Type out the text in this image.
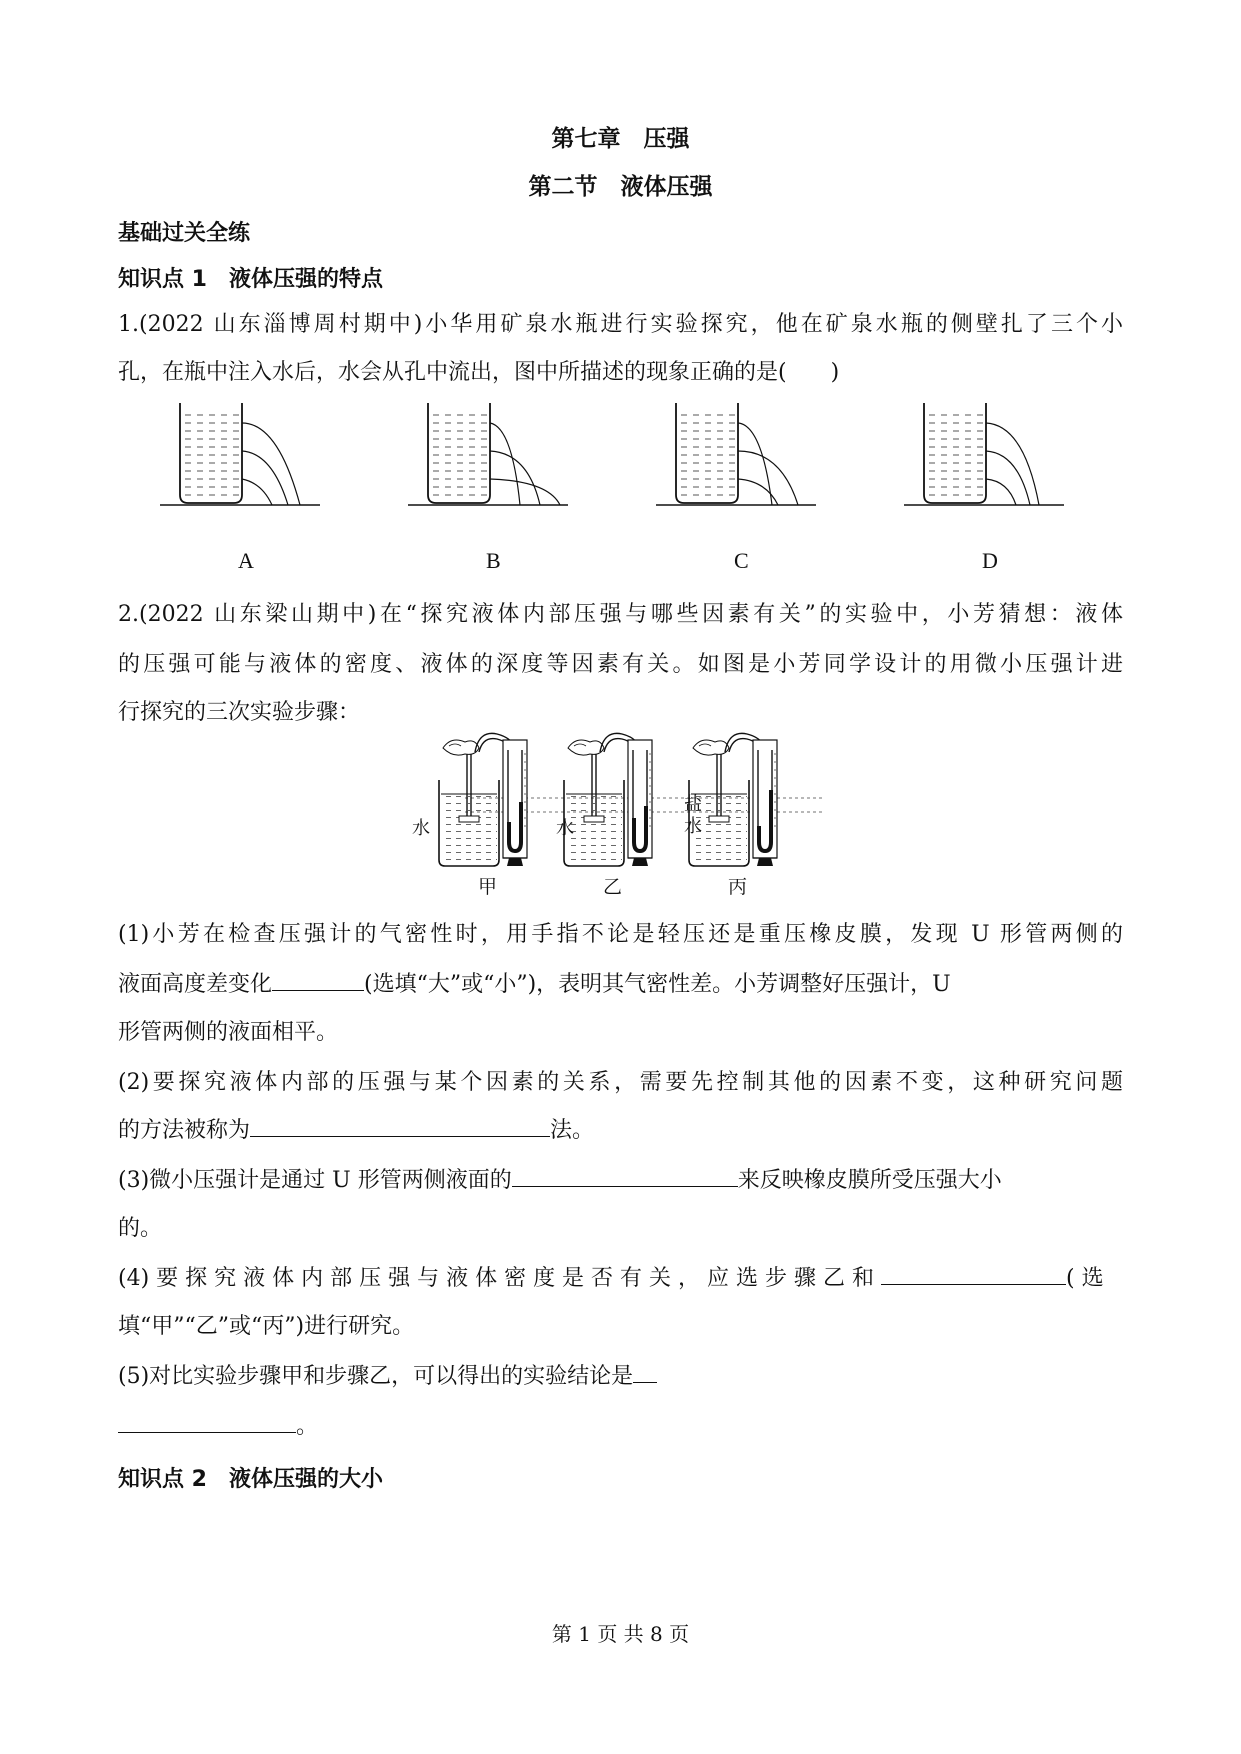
第七章　压强
第二节　液体压强
基础过关全练
知识点 1　液体压强的特点
1.(2022 山东淄博周村期中)小华用矿泉水瓶进行实验探究，他在矿泉水瓶的侧壁扎了三个小
孔，在瓶中注入水后，水会从孔中流出，图中所描述的现象正确的是(　　)
A	B	C	D
2.(2022 山东梁山期中)在“探究液体内部压强与哪些因素有关”的实验中，小芳猜想：液体
的压强可能与液体的密度、液体的深度等因素有关。如图是小芳同学设计的用微小压强计进
行探究的三次实验步骤：
水	水
盐
水
甲	乙	丙
(1)小芳在检查压强计的气密性时，用手指不论是轻压还是重压橡皮膜，发现 U 形管两侧的
液面高度差变化	(选填“大”或“小”)，表明其气密性差。小芳调整好压强计，U
形管两侧的液面相平。
(2)要探究液体内部的压强与某个因素的关系，需要先控制其他的因素不变，这种研究问题
的方法被称为	法。
(3)微小压强计是通过 U 形管两侧液面的	来反映橡皮膜所受压强大小
的。
(4) 要 探 究 液 体 内 部 压 强 与 液 体 密 度 是 否 有 关 ， 应 选 步 骤 乙 和	( 选
填“甲”“乙”或“丙”)进行研究。
(5)对比实验步骤甲和步骤乙，可以得出的实验结论是
。
知识点 2　液体压强的大小
第 1 页 共 8 页
